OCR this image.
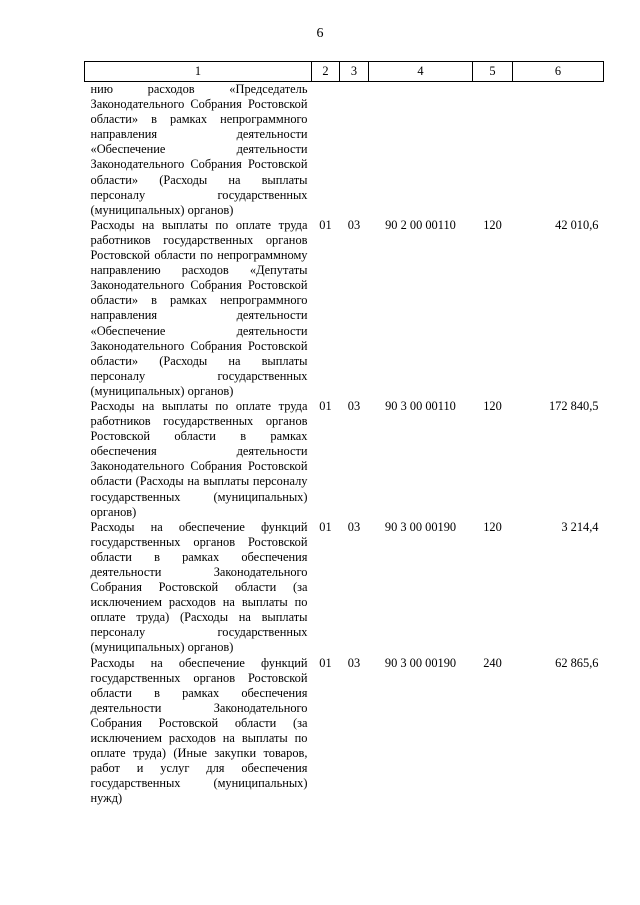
6
1	2	3	4	5	6
нию расходов «Председатель Законодательного Собрания Ростовской области» в рамках непрограммного направления деятельности «Обеспечение деятельности Законодательного Собрания Ростовской области» (Расходы на выплаты персоналу государственных (муниципальных) органов)					
Расходы на выплаты по оплате труда работников государственных органов Ростовской области по непрограммному направлению расходов «Депутаты Законодательного Собрания Ростовской области» в рамках непрограммного направления деятельности «Обеспечение деятельности Законодательного Собрания Ростовской области» (Расходы на выплаты персоналу государственных (муниципальных) органов)	01	03	90 2 00 00110	120	42 010,6
Расходы на выплаты по оплате труда работников государственных органов Ростовской области в рамках обеспечения деятельности Законодательного Собрания Ростовской области (Расходы на выплаты персоналу государственных (муниципальных) органов)	01	03	90 3 00 00110	120	172 840,5
Расходы на обеспечение функций государственных органов Ростовской области в рамках обеспечения деятельности Законодательного Собрания Ростовской области (за исключением расходов на выплаты по оплате труда) (Расходы на выплаты персоналу государственных (муниципальных) органов)	01	03	90 3 00 00190	120	3 214,4
Расходы на обеспечение функций государственных органов Ростовской области в рамках обеспечения деятельности Законодательного Собрания Ростовской области (за исключением расходов на выплаты по оплате труда) (Иные закупки товаров, работ и услуг для обеспечения государственных (муниципальных) нужд)	01	03	90 3 00 00190	240	62 865,6
